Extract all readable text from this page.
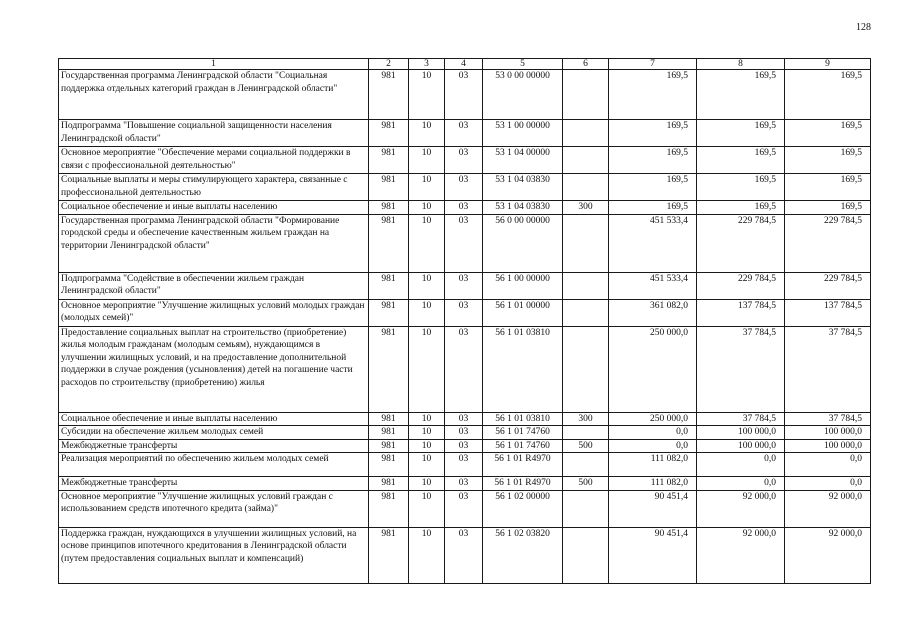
128
1	2	3	4	5	6	7	8	9
Государственная программа Ленинградской области "Социальная поддержка отдельных категорий граждан в Ленинградской области"	981	10	03	53 0 00 00000		169,5	169,5	169,5
Подпрограмма "Повышение социальной защищенности населения Ленинградской области"	981	10	03	53 1 00 00000		169,5	169,5	169,5
Основное мероприятие "Обеспечение мерами социальной поддержки в связи с профессиональной деятельностью"	981	10	03	53 1 04 00000		169,5	169,5	169,5
Социальные выплаты и меры стимулирующего характера, связанные с профессиональной деятельностью	981	10	03	53 1 04 03830		169,5	169,5	169,5
Социальное обеспечение и иные выплаты населению	981	10	03	53 1 04 03830	300	169,5	169,5	169,5
Государственная программа Ленинградской области "Формирование городской среды и обеспечение качественным жильем граждан на территории Ленинградской области"	981	10	03	56 0 00 00000		451 533,4	229 784,5	229 784,5
Подпрограмма "Содействие в обеспечении жильем граждан Ленинградской области"	981	10	03	56 1 00 00000		451 533,4	229 784,5	229 784,5
Основное мероприятие "Улучшение жилищных условий молодых граждан (молодых семей)"	981	10	03	56 1 01 00000		361 082,0	137 784,5	137 784,5
Предоставление социальных выплат на строительство (приобретение) жилья молодым гражданам (молодым семьям), нуждающимся в улучшении жилищных условий, и на предоставление дополнительной поддержки в случае рождения (усыновления) детей на погашение части расходов по строительству (приобретению) жилья	981	10	03	56 1 01 03810		250 000,0	37 784,5	37 784,5
Социальное обеспечение и иные выплаты населению	981	10	03	56 1 01 03810	300	250 000,0	37 784,5	37 784,5
Субсидии на обеспечение жильем молодых семей	981	10	03	56 1 01 74760		0,0	100 000,0	100 000,0
Межбюджетные трансферты	981	10	03	56 1 01 74760	500	0,0	100 000,0	100 000,0
Реализация мероприятий по обеспечению жильем молодых семей	981	10	03	56 1 01 R4970		111 082,0	0,0	0,0
Межбюджетные трансферты	981	10	03	56 1 01 R4970	500	111 082,0	0,0	0,0
Основное мероприятие "Улучшение жилищных условий граждан с использованием средств ипотечного кредита (займа)"	981	10	03	56 1 02 00000		90 451,4	92 000,0	92 000,0
Поддержка граждан, нуждающихся в улучшении жилищных условий, на основе принципов ипотечного кредитования в Ленинградской области (путем предоставления социальных выплат и компенсаций)	981	10	03	56 1 02 03820		90 451,4	92 000,0	92 000,0
